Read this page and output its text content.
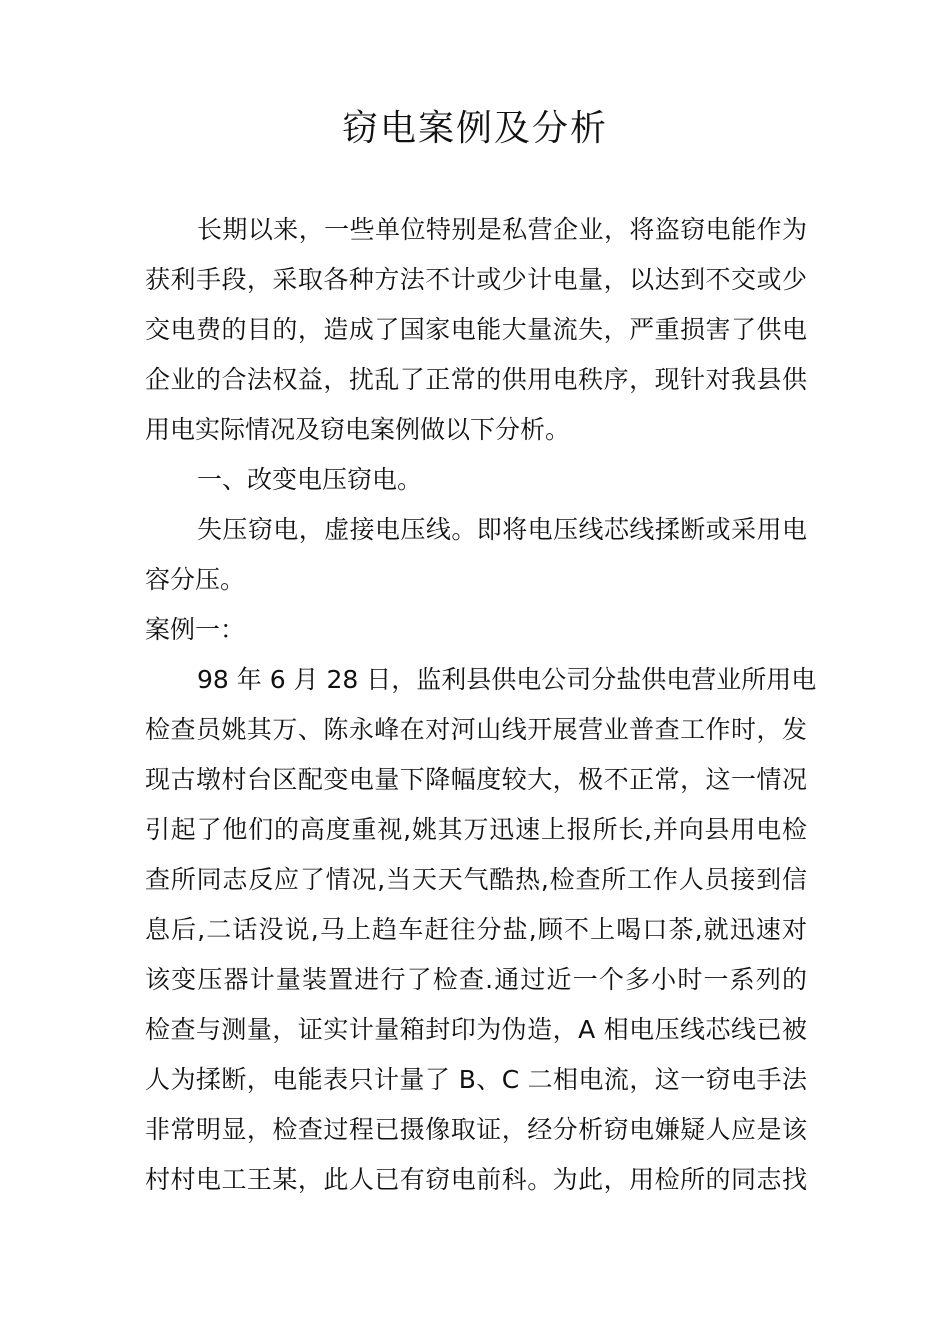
窃电案例及分析
长期以来，一些单位特别是私营企业，将盗窃电能作为
获利手段，采取各种方法不计或少计电量，以达到不交或少
交电费的目的，造成了国家电能大量流失，严重损害了供电
企业的合法权益，扰乱了正常的供用电秩序，现针对我县供
用电实际情况及窃电案例做以下分析。
一、改变电压窃电。
失压窃电，虚接电压线。即将电压线芯线揉断或采用电
容分压。
案例一：
98 年 6 月 28 日，监利县供电公司分盐供电营业所用电
检查员姚其万、陈永峰在对河山线开展营业普查工作时，发
现古墩村台区配变电量下降幅度较大，极不正常，这一情况
引起了他们的高度重视,姚其万迅速上报所长,并向县用电检
查所同志反应了情况,当天天气酷热,检查所工作人员接到信
息后,二话没说,马上趋车赶往分盐,顾不上喝口茶,就迅速对
该变压器计量装置进行了检查.通过近一个多小时一系列的
检查与测量，证实计量箱封印为伪造，A 相电压线芯线已被
人为揉断，电能表只计量了 B、C 二相电流，这一窃电手法
非常明显，检查过程已摄像取证，经分析窃电嫌疑人应是该
村村电工王某，此人已有窃电前科。为此，用检所的同志找
